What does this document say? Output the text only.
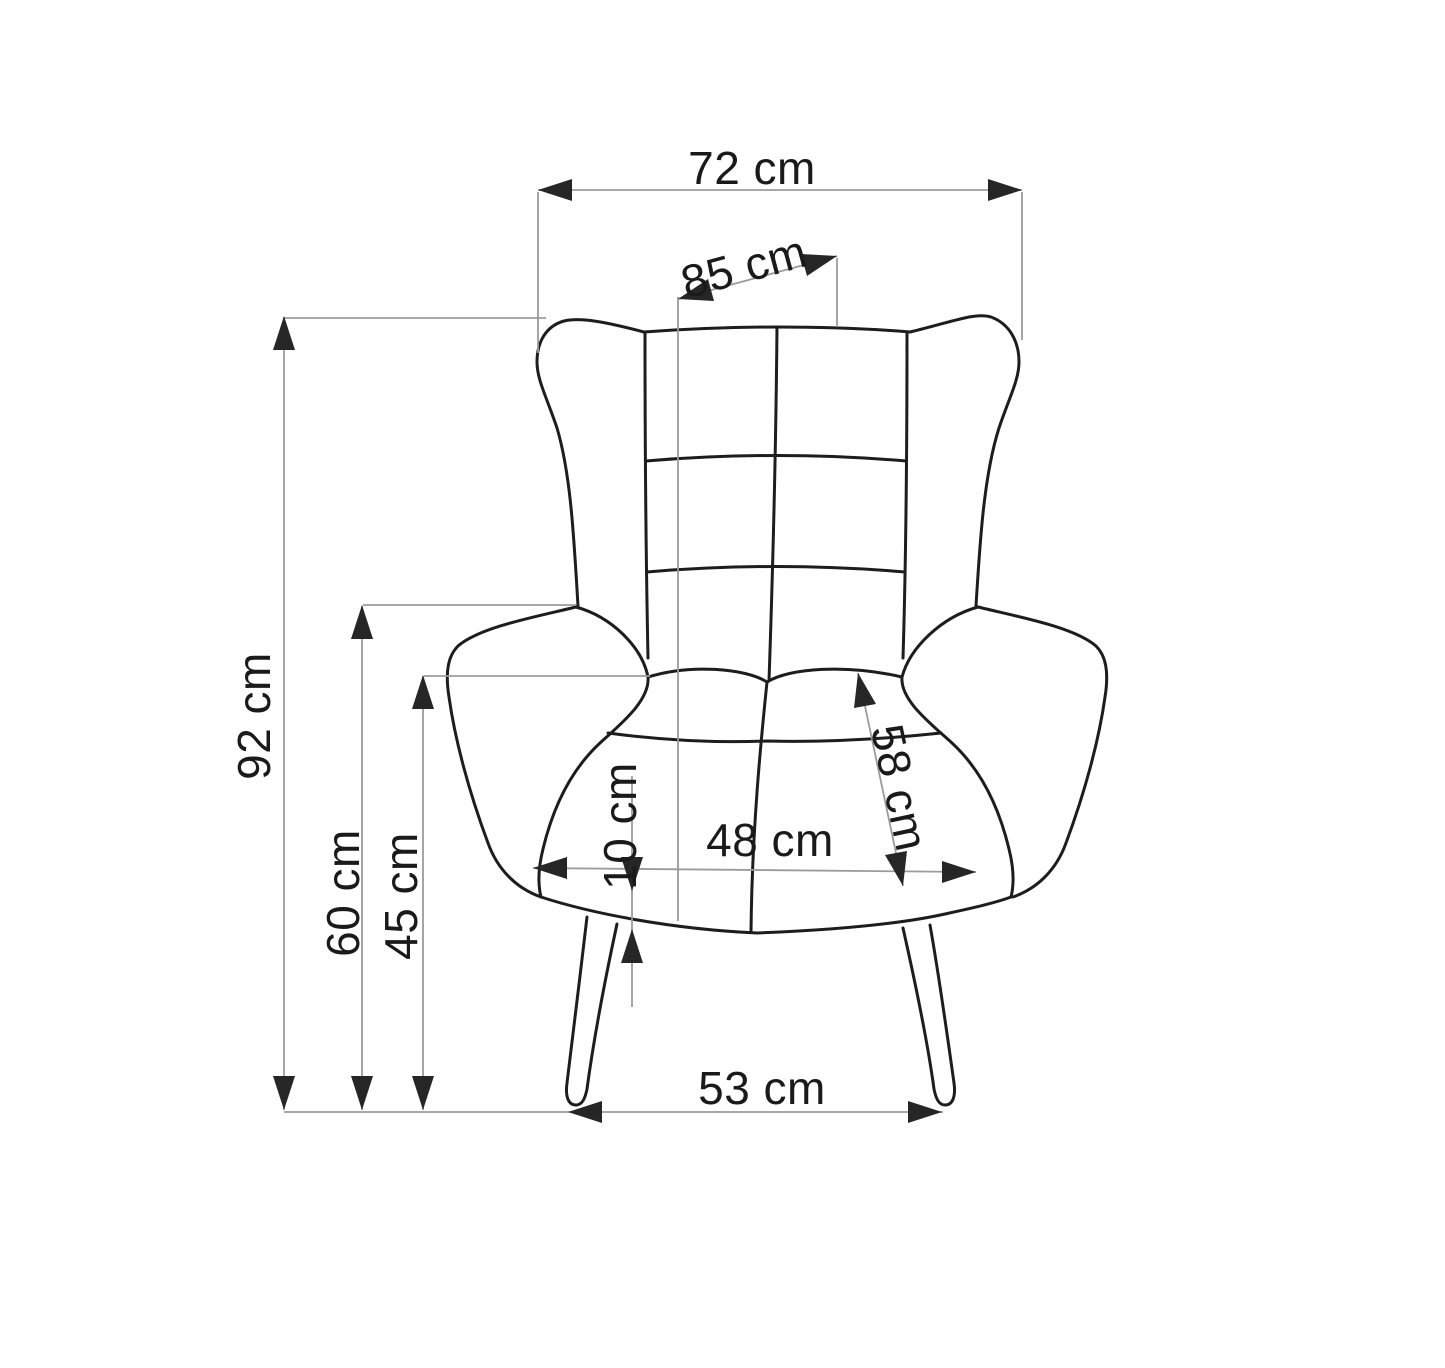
72 cm
85 cm
92 cm
60 cm 45 cm	48 cm 58 cm
10 cm
53 cm
